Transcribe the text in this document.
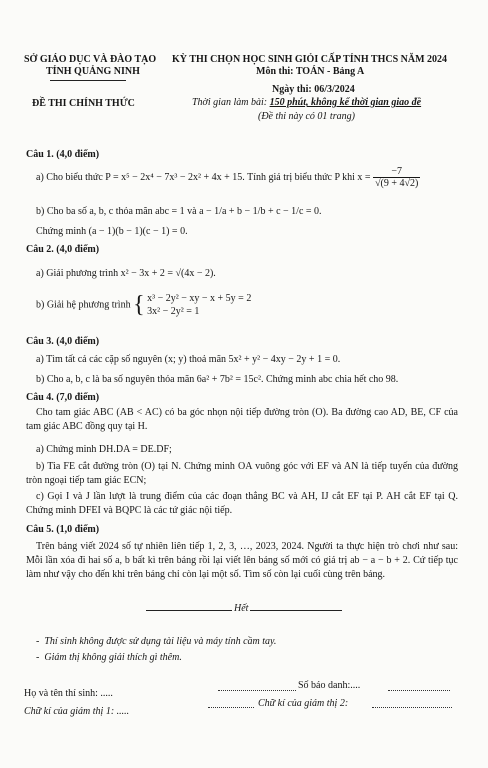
SỞ GIÁO DỤC VÀ ĐÀO TẠO
TỈNH QUẢNG NINH
KỲ THI CHỌN HỌC SINH GIỎI CẤP TỈNH THCS NĂM 2024
Môn thi: TOÁN - Bảng A
Ngày thi: 06/3/2024
ĐỀ THI CHÍNH THỨC	Thời gian làm bài: 150 phút, không kể thời gian giao đề
(Đề thi này có 01 trang)
Câu 1. (4,0 điểm)
a) Cho biểu thức P = x⁵ − 2x⁴ − 7x³ − 2x² + 4x + 15. Tính giá trị biểu thức P khi $x = \frac{-7}{√(9 + 4√2)}$
b) Cho ba số a, b, c thỏa mãn abc = 1 và a − 1/a + b − 1/b + c − 1/c = 0.
Chứng minh (a − 1)(b − 1)(c − 1) = 0.
Câu 2. (4,0 điểm)
a) Giải phương trình x² − 3x + 2 = √(4x − 2).
b) Giải hệ phương trình { x³ − 2y² − xy − x + 5y = 2
3x² − 2y² = 1
Câu 3. (4,0 điểm)
a) Tìm tất cả các cặp số nguyên (x; y) thoả mãn 5x² + y² − 4xy − 2y + 1 = 0.
b) Cho a, b, c là ba số nguyên thỏa mãn 6a² + 7b² = 15c². Chứng minh abc chia hết cho 98.
Câu 4. (7,0 điểm)
Cho tam giác ABC (AB < AC) có ba góc nhọn nội tiếp đường tròn (O). Ba đường cao AD, BE, CF của tam giác ABC đồng quy tại H.
a) Chứng minh DH.DA = DE.DF;
b) Tia FE cắt đường tròn (O) tại N. Chứng minh OA vuông góc với EF và AN là tiếp tuyến của đường tròn ngoại tiếp tam giác ECN;
c) Gọi I và J lần lượt là trung điểm của các đoạn thẳng BC và AH, IJ cắt EF tại P. AH cắt EF tại Q. Chứng minh DFEI và BQPC là các tứ giác nội tiếp.
Câu 5. (1,0 điểm)
Trên bảng viết 2024 số tự nhiên liên tiếp 1, 2, 3, …, 2023, 2024. Người ta thực hiện trò chơi như sau: Mỗi lần xóa đi hai số a, b bất kì trên bảng rồi lại viết lên bảng số mới có giá trị ab − a − b + 2. Cứ tiếp tục làm như vậy cho đến khi trên bảng chỉ còn lại một số. Tìm số còn lại cuối cùng trên bảng.
Hết
-  Thí sinh không được sử dụng tài liệu và máy tính cầm tay.
-  Giám thị không giải thích gì thêm.
Họ và tên thí sinh: .....
Số báo danh:....
Chữ kí của giám thị 1: .....
Chữ kí của giám thị 2:
